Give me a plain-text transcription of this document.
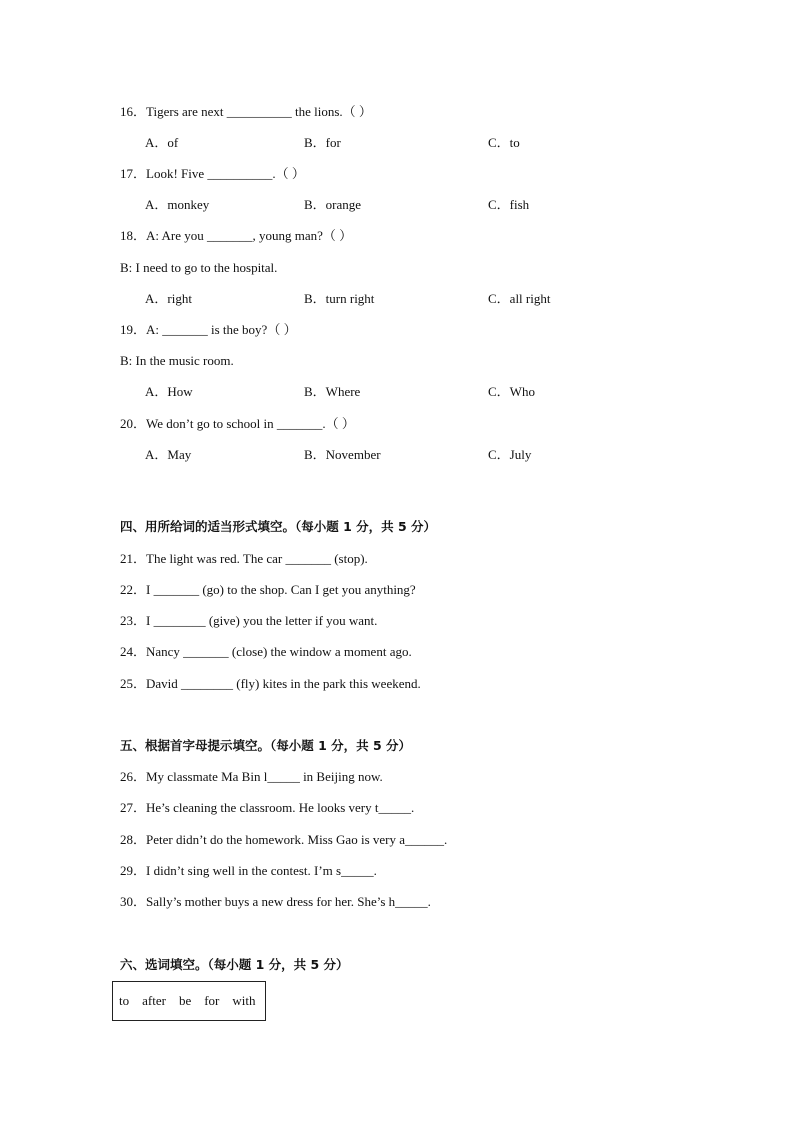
16．Tigers are next __________ the lions.（ ）
A．of	B．for	C．to
17．Look! Five __________.（ ）
A．monkey	B．orange	C．fish
18．A: Are you _______, young man?（ ）
B: I need to go to the hospital.
A．right	B．turn right	C．all right
19．A: _______ is the boy?（ ）
B: In the music room.
A．How	B．Where	C．Who
20．We don’t go to school in _______.（ ）
A．May	B．November	C．July
四、用所给词的适当形式填空。（每小题 1 分，共 5 分）
21．The light was red. The car _______ (stop).
22．I _______ (go) to the shop. Can I get you anything?
23．I ________ (give) you the letter if you want.
24．Nancy _______ (close) the window a moment ago.
25．David ________ (fly) kites in the park this weekend.
五、根据首字母提示填空。（每小题 1 分，共 5 分）
26．My classmate Ma Bin l_____ in Beijing now.
27．He’s cleaning the classroom. He looks very t_____.
28．Peter didn’t do the homework. Miss Gao is very a______.
29．I didn’t sing well in the contest. I’m s_____.
30．Sally’s mother buys a new dress for her. She’s h_____.
六、选词填空。（每小题 1 分，共 5 分）
to after be for with
